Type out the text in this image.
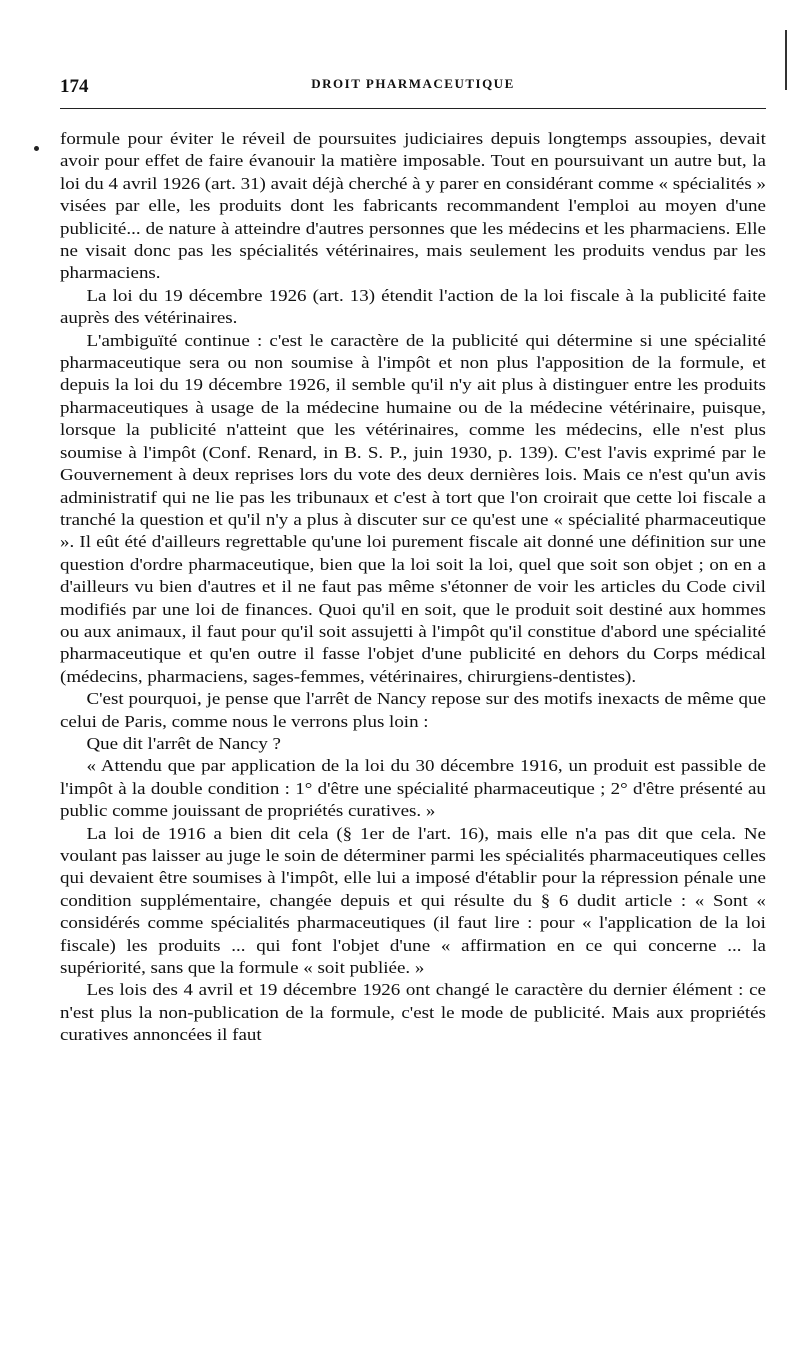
174	DROIT PHARMACEUTIQUE

formule pour éviter le réveil de poursuites judiciaires depuis longtemps assoupies, devait avoir pour effet de faire évanouir la matière imposable. Tout en poursuivant un autre but, la loi du 4 avril 1926 (art. 31) avait déjà cherché à y parer en considérant comme « spécialités » visées par elle, les produits dont les fabricants recommandent l'emploi au moyen d'une publicité... de nature à atteindre d'autres personnes que les médecins et les pharmaciens. Elle ne visait donc pas les spécialités vétérinaires, mais seulement les produits vendus par les pharmaciens.

La loi du 19 décembre 1926 (art. 13) étendit l'action de la loi fiscale à la publicité faite auprès des vétérinaires.

L'ambiguïté continue : c'est le caractère de la publicité qui détermine si une spécialité pharmaceutique sera ou non soumise à l'impôt et non plus l'apposition de la formule, et depuis la loi du 19 décembre 1926, il semble qu'il n'y ait plus à distinguer entre les produits pharmaceutiques à usage de la médecine humaine ou de la médecine vétérinaire, puisque, lorsque la publicité n'atteint que les vétérinaires, comme les médecins, elle n'est plus soumise à l'impôt (Conf. Renard, in B. S. P., juin 1930, p. 139). C'est l'avis exprimé par le Gouvernement à deux reprises lors du vote des deux dernières lois. Mais ce n'est qu'un avis administratif qui ne lie pas les tribunaux et c'est à tort que l'on croirait que cette loi fiscale a tranché la question et qu'il n'y a plus à discuter sur ce qu'est une « spécialité pharmaceutique ». Il eût été d'ailleurs regrettable qu'une loi purement fiscale ait donné une définition sur une question d'ordre pharmaceutique, bien que la loi soit la loi, quel que soit son objet ; on en a d'ailleurs vu bien d'autres et il ne faut pas même s'étonner de voir les articles du Code civil modifiés par une loi de finances. Quoi qu'il en soit, que le produit soit destiné aux hommes ou aux animaux, il faut pour qu'il soit assujetti à l'impôt qu'il constitue d'abord une spécialité pharmaceutique et qu'en outre il fasse l'objet d'une publicité en dehors du Corps médical (médecins, pharmaciens, sages-femmes, vétérinaires, chirurgiens-dentistes).

C'est pourquoi, je pense que l'arrêt de Nancy repose sur des motifs inexacts de même que celui de Paris, comme nous le verrons plus loin :

Que dit l'arrêt de Nancy ?

« Attendu que par application de la loi du 30 décembre 1916, un produit est passible de l'impôt à la double condition : 1° d'être une spécialité pharmaceutique ; 2° d'être présenté au public comme jouissant de propriétés curatives. »

La loi de 1916 a bien dit cela (§ 1er de l'art. 16), mais elle n'a pas dit que cela. Ne voulant pas laisser au juge le soin de déterminer parmi les spécialités pharmaceutiques celles qui devaient être soumises à l'impôt, elle lui a imposé d'établir pour la répression pénale une condition supplémentaire, changée depuis et qui résulte du § 6 dudit article : « Sont « considérés comme spécialités pharmaceutiques (il faut lire : pour « l'application de la loi fiscale) les produits ... qui font l'objet d'une « affirmation en ce qui concerne ... la supériorité, sans que la formule « soit publiée. »

Les lois des 4 avril et 19 décembre 1926 ont changé le caractère du dernier élément : ce n'est plus la non-publication de la formule, c'est le mode de publicité. Mais aux propriétés curatives annoncées il faut
